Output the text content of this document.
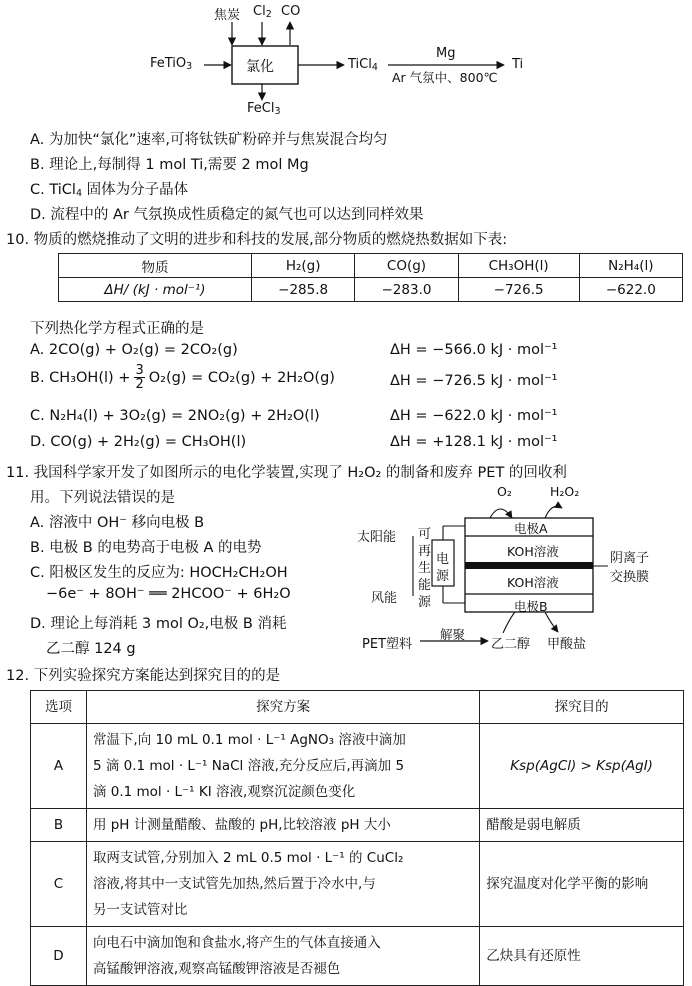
焦炭 $Cl_2$ CO
FeTiO$_3$	氯化
FeCl$_3$
TiCl$_4$
Mg
Ar 气氛中、800℃
Ti
A. 为加快“氯化”速率,可将钛铁矿粉碎并与焦炭混合均匀
B. 理论上,每制得 1 mol Ti,需要 2 mol Mg
C. TiCl$_4$ 固体为分子晶体
D. 流程中的 Ar 气氛换成性质稳定的氮气也可以达到同样效果
10. 物质的燃烧推动了文明的进步和科技的发展,部分物质的燃烧热数据如下表:
物质	H₂(g)	CO(g)	CH₃OH(l)	N₂H₄(l)
ΔH/ (kJ · mol⁻¹)	−285.8	−283.0	−726.5	−622.0
下列热化学方程式正确的是
A. 2CO(g) + O₂(g) = 2CO₂(g)	ΔH = −566.0 kJ · mol⁻¹
B. $CH_3OH(l) + \frac{3}{2} O_2(g) = CO_2(g) + 2H_2O(g)$	ΔH = −726.5 kJ · mol⁻¹
C. N₂H₄(l) + 3O₂(g) = 2NO₂(g) + 2H₂O(l)	ΔH = −622.0 kJ · mol⁻¹
D. CO(g) + 2H₂(g) = CH₃OH(l)	ΔH = +128.1 kJ · mol⁻¹
11. 我国科学家开发了如图所示的电化学装置,实现了 H₂O₂ 的制备和废弃 PET 的回收利
用。下列说法错误的是
A. 溶液中 OH⁻ 移向电极 B
B. 电极 B 的电势高于电极 A 的电势
C. 阳极区发生的反应为: HOCH₂CH₂OH
−6e⁻ + 8OH⁻ ══ 2HCOO⁻ + 6H₂O
D. 理论上每消耗 3 mol O₂,电极 B 消耗
乙二醇 124 g
O₂	H₂O₂
太阳能
风能
可
再
生
能
源
电
源
电极A
KOH溶液
KOH溶液
电极B
阴离子
交换膜
PET塑料
解聚
乙二醇 甲酸盐
12. 下列实验探究方案能达到探究目的的是
选项	探究方案	探究目的
A	常温下,向 10 mL 0.1 mol · L⁻¹ AgNO₃ 溶液中滴加
5 滴 0.1 mol · L⁻¹ NaCl 溶液,充分反应后,再滴加 5
滴 0.1 mol · L⁻¹ KI 溶液,观察沉淀颜色变化	Ksp(AgCl) > Ksp(AgI)
B	用 pH 计测量醋酸、盐酸的 pH,比较溶液 pH 大小	醋酸是弱电解质
C	取两支试管,分别加入 2 mL 0.5 mol · L⁻¹ 的 CuCl₂
溶液,将其中一支试管先加热,然后置于冷水中,与
另一支试管对比	探究温度对化学平衡的影响
D	向电石中滴加饱和食盐水,将产生的气体直接通入
高锰酸钾溶液,观察高锰酸钾溶液是否褪色	乙炔具有还原性
